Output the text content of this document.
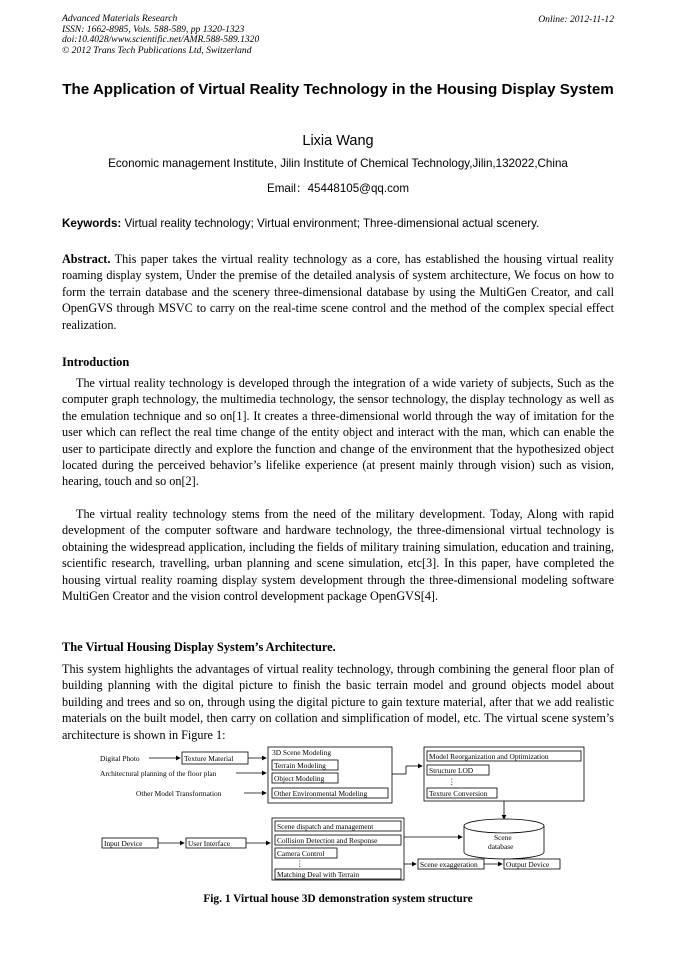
Advanced Materials Research
ISSN: 1662-8985, Vols. 588-589, pp 1320-1323
doi:10.4028/www.scientific.net/AMR.588-589.1320
© 2012 Trans Tech Publications Ltd, Switzerland
Online: 2012-11-12
The Application of Virtual Reality Technology in the Housing Display System
Lixia Wang
Economic management Institute, Jilin Institute of Chemical Technology,Jilin,132022,China
Email：45448105@qq.com
Keywords: Virtual reality technology; Virtual environment; Three-dimensional actual scenery.

Abstract. This paper takes the virtual reality technology as a core, has established the housing virtual reality roaming display system, Under the premise of the detailed analysis of system architecture, We focus on how to form the terrain database and the scenery three-dimensional database by using the MultiGen Creator, and call OpenGVS through MSVC to carry on the real-time scene control and the method of the complex special effect realization.

Introduction

The virtual reality technology is developed through the integration of a wide variety of subjects, Such as the computer graph technology, the multimedia technology, the sensor technology, the display technology as well as the emulation technique and so on[1]. It creates a three-dimensional world through the way of imitation for the user which can reflect the real time change of the entity object and interact with the man, which can enable the user to participate directly and explore the function and change of the environment that the hypothesized object located during the perceived behavior’s lifelike experience (at present mainly through vision) such as vision, hearing, touch and so on[2].

The virtual reality technology stems from the need of the military development. Today, Along with rapid development of the computer software and hardware technology, the three-dimensional virtual technology is obtaining the widespread application, including the fields of military training simulation, education and training, scientific research, travelling, urban planning and scene simulation, etc[3]. In this paper, have completed the housing virtual reality roaming display system development through the three-dimensional modeling software MultiGen Creator and the vision control development package OpenGVS[4].

The Virtual Housing Display System’s Architecture.

This system highlights the advantages of virtual reality technology, through combining the general floor plan of building planning with the digital picture to finish the basic terrain model and ground objects model about building and trees and so on, through using the digital picture to gain texture material, after that we add realistic materials on the built model, then carry on collation and simplification of model, etc. The virtual scene system’s architecture is shown in Figure 1:

Digital Photo	Texture Material
Architectural planning of the floor plan
Other Model Transformation
3D Scene Modeling
Terrain Modeling
Object Modeling
Other Environmental Modeling
Model Reorganization and Optimization
Structure LOD
⋮
Texture Conversion
Scene
database
Input Device	User Interface
Scene dispatch and management
Collision Detection and Response
Camera Control
⋮
Matching Deal with Terrain
Scene exaggeration	Output Device
Fig. 1 Virtual house 3D demonstration system structure
